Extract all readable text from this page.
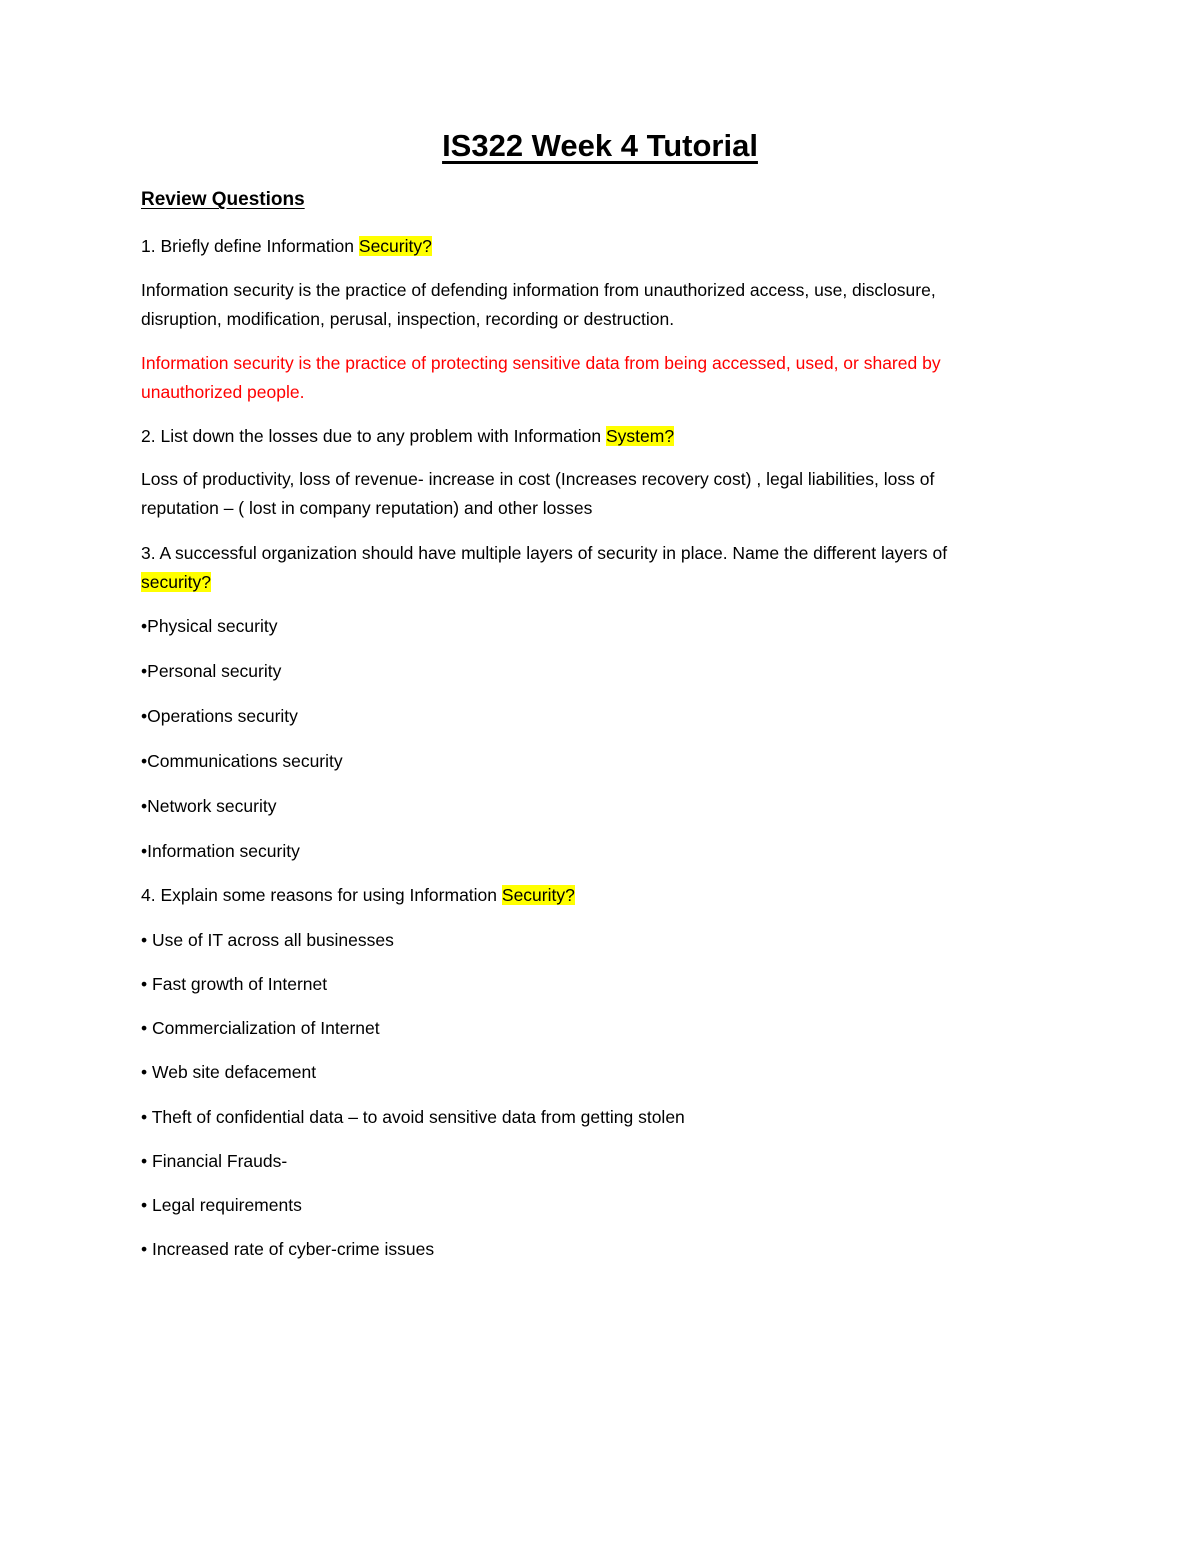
IS322 Week 4 Tutorial
Review Questions
1. Briefly define Information Security?
Information security is the practice of defending information from unauthorized access, use, disclosure,
disruption, modification, perusal, inspection, recording or destruction.
Information security is the practice of protecting sensitive data from being accessed, used, or shared by
unauthorized people.
2. List down the losses due to any problem with Information System?
Loss of productivity, loss of revenue- increase in cost (Increases recovery cost) , legal liabilities, loss of
reputation – ( lost in company reputation) and other losses
3. A successful organization should have multiple layers of security in place. Name the different layers of
security?
•Physical security
•Personal security
•Operations security
•Communications security
•Network security
•Information security
4. Explain some reasons for using Information Security?
• Use of IT across all businesses
• Fast growth of Internet
• Commercialization of Internet
• Web site defacement
• Theft of confidential data – to avoid sensitive data from getting stolen
• Financial Frauds-
• Legal requirements
• Increased rate of cyber-crime issues
